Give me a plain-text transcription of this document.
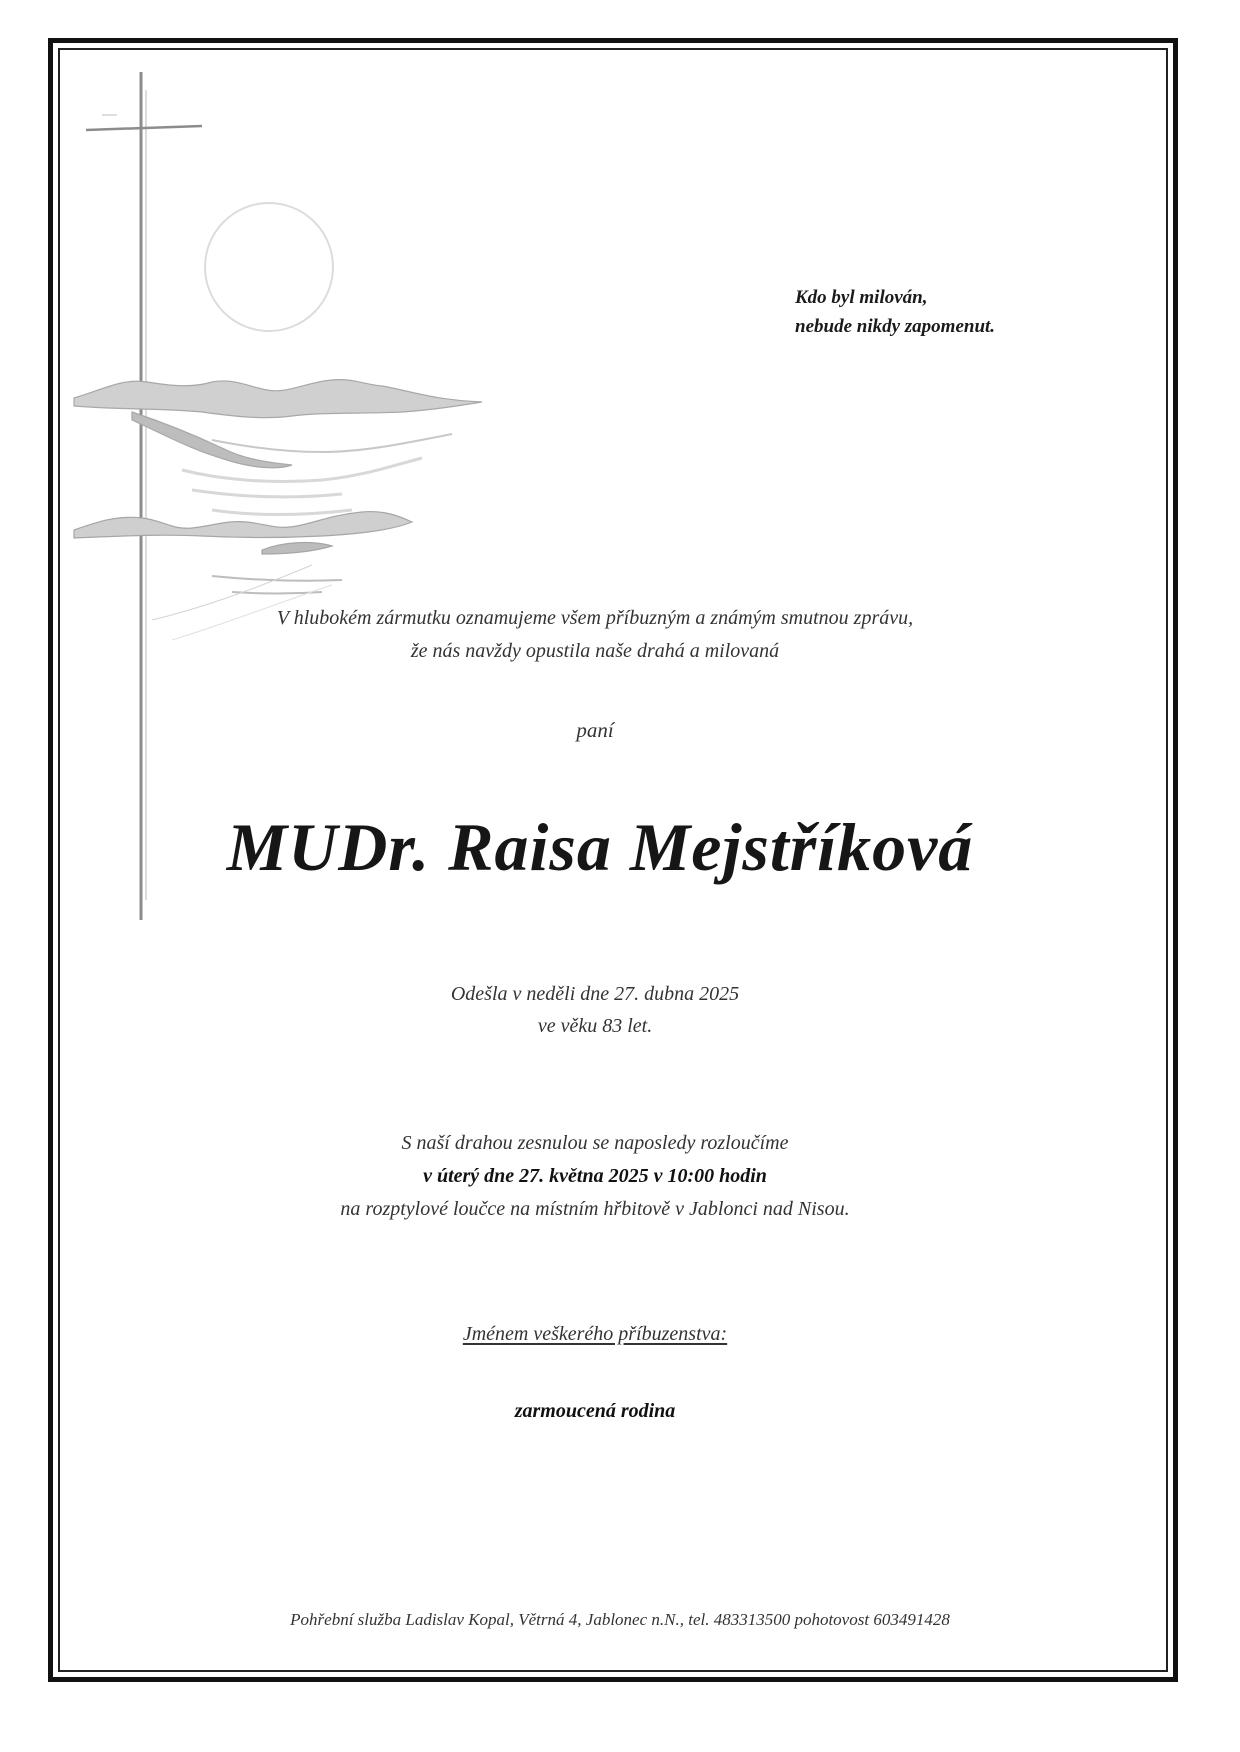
Kdo byl milován,
nebude nikdy zapomenut.
V hlubokém zármutku oznamujeme všem příbuzným a známým smutnou zprávu,
že nás navždy opustila naše drahá a milovaná
paní
MUDr. Raisa Mejstříková
Odešla v neděli dne 27. dubna 2025
ve věku 83 let.
S naší drahou zesnulou se naposledy rozloučíme
v úterý dne 27. května 2025 v 10:00 hodin
na rozptylové loučce na místním hřbitově v Jablonci nad Nisou.
Jménem veškerého příbuzenstva:
zarmoucená rodina
Pohřební služba Ladislav Kopal, Větrná 4, Jablonec n.N., tel. 483313500 pohotovost 603491428
